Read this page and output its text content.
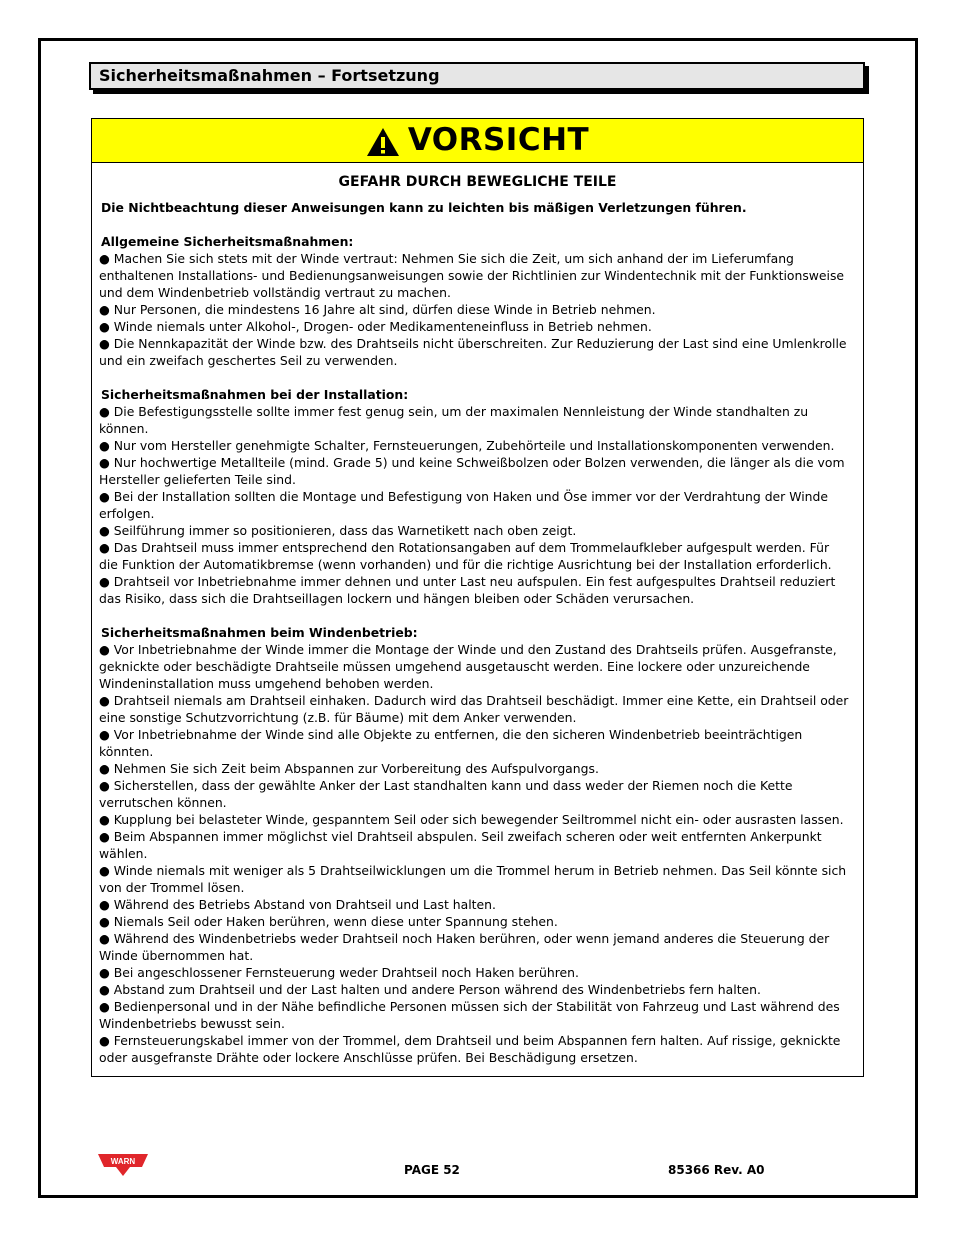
Sicherheitsmaßnahmen – Fortsetzung
VORSICHT
GEFAHR DURCH BEWEGLICHE TEILE

Die Nichtbeachtung dieser Anweisungen kann zu leichten bis mäßigen Verletzungen führen.

Allgemeine Sicherheitsmaßnahmen:

● Machen Sie sich stets mit der Winde vertraut: Nehmen Sie sich die Zeit, um sich anhand der im Lieferumfang enthaltenen Installations- und Bedienungsanweisungen sowie der Richtlinien zur Windentechnik mit der Funktionsweise und dem Windenbetrieb vollständig vertraut zu machen.

● Nur Personen, die mindestens 16 Jahre alt sind, dürfen diese Winde in Betrieb nehmen.

● Winde niemals unter Alkohol-, Drogen- oder Medikamenteneinfluss in Betrieb nehmen.

● Die Nennkapazität der Winde bzw. des Drahtseils nicht überschreiten. Zur Reduzierung der Last sind eine Umlenkrolle und ein zweifach geschertes Seil zu verwenden.

Sicherheitsmaßnahmen bei der Installation:

● Die Befestigungsstelle sollte immer fest genug sein, um der maximalen Nennleistung der Winde standhalten zu können.

● Nur vom Hersteller genehmigte Schalter, Fernsteuerungen, Zubehörteile und Installationskomponenten verwenden.

● Nur hochwertige Metallteile (mind. Grade 5) und keine Schweißbolzen oder Bolzen verwenden, die länger als die vom Hersteller gelieferten Teile sind.

● Bei der Installation sollten die Montage und Befestigung von Haken und Öse immer vor der Verdrahtung der Winde erfolgen.

● Seilführung immer so positionieren, dass das Warnetikett nach oben zeigt.

● Das Drahtseil muss immer entsprechend den Rotationsangaben auf dem Trommelaufkleber aufgespult werden. Für die Funktion der Automatikbremse (wenn vorhanden) und für die richtige Ausrichtung bei der Installation erforderlich.

● Drahtseil vor Inbetriebnahme immer dehnen und unter Last neu aufspulen. Ein fest aufgespultes Drahtseil reduziert das Risiko, dass sich die Drahtseillagen lockern und hängen bleiben oder Schäden verursachen.

Sicherheitsmaßnahmen beim Windenbetrieb:

● Vor Inbetriebnahme der Winde immer die Montage der Winde und den Zustand des Drahtseils prüfen. Ausgefranste, geknickte oder beschädigte Drahtseile müssen umgehend ausgetauscht werden. Eine lockere oder unzureichende Windeninstallation muss umgehend behoben werden.

● Drahtseil niemals am Drahtseil einhaken. Dadurch wird das Drahtseil beschädigt. Immer eine Kette, ein Drahtseil oder eine sonstige Schutzvorrichtung (z.B. für Bäume) mit dem Anker verwenden.

● Vor Inbetriebnahme der Winde sind alle Objekte zu entfernen, die den sicheren Windenbetrieb beeinträchtigen könnten.

● Nehmen Sie sich Zeit beim Abspannen zur Vorbereitung des Aufspulvorgangs.

● Sicherstellen, dass der gewählte Anker der Last standhalten kann und dass weder der Riemen noch die Kette verrutschen können.

● Kupplung bei belasteter Winde, gespanntem Seil oder sich bewegender Seiltrommel nicht ein- oder ausrasten lassen.

● Beim Abspannen immer möglichst viel Drahtseil abspulen. Seil zweifach scheren oder weit entfernten Ankerpunkt wählen.

● Winde niemals mit weniger als 5 Drahtseilwicklungen um die Trommel herum in Betrieb nehmen. Das Seil könnte sich von der Trommel lösen.

● Während des Betriebs Abstand von Drahtseil und Last halten.

● Niemals Seil oder Haken berühren, wenn diese unter Spannung stehen.

● Während des Windenbetriebs weder Drahtseil noch Haken berühren, oder wenn jemand anderes die Steuerung der Winde übernommen hat.

● Bei angeschlossener Fernsteuerung weder Drahtseil noch Haken berühren.

● Abstand zum Drahtseil und der Last halten und andere Person während des Windenbetriebs fern halten.

● Bedienpersonal und in der Nähe befindliche Personen müssen sich der Stabilität von Fahrzeug und Last während des Windenbetriebs bewusst sein.

● Fernsteuerungskabel immer von der Trommel, dem Drahtseil und beim Abspannen fern halten. Auf rissige, geknickte oder ausgefranste Drähte oder lockere Anschlüsse prüfen. Bei Beschädigung ersetzen.

WARN
PAGE 52	85366 Rev. A0
